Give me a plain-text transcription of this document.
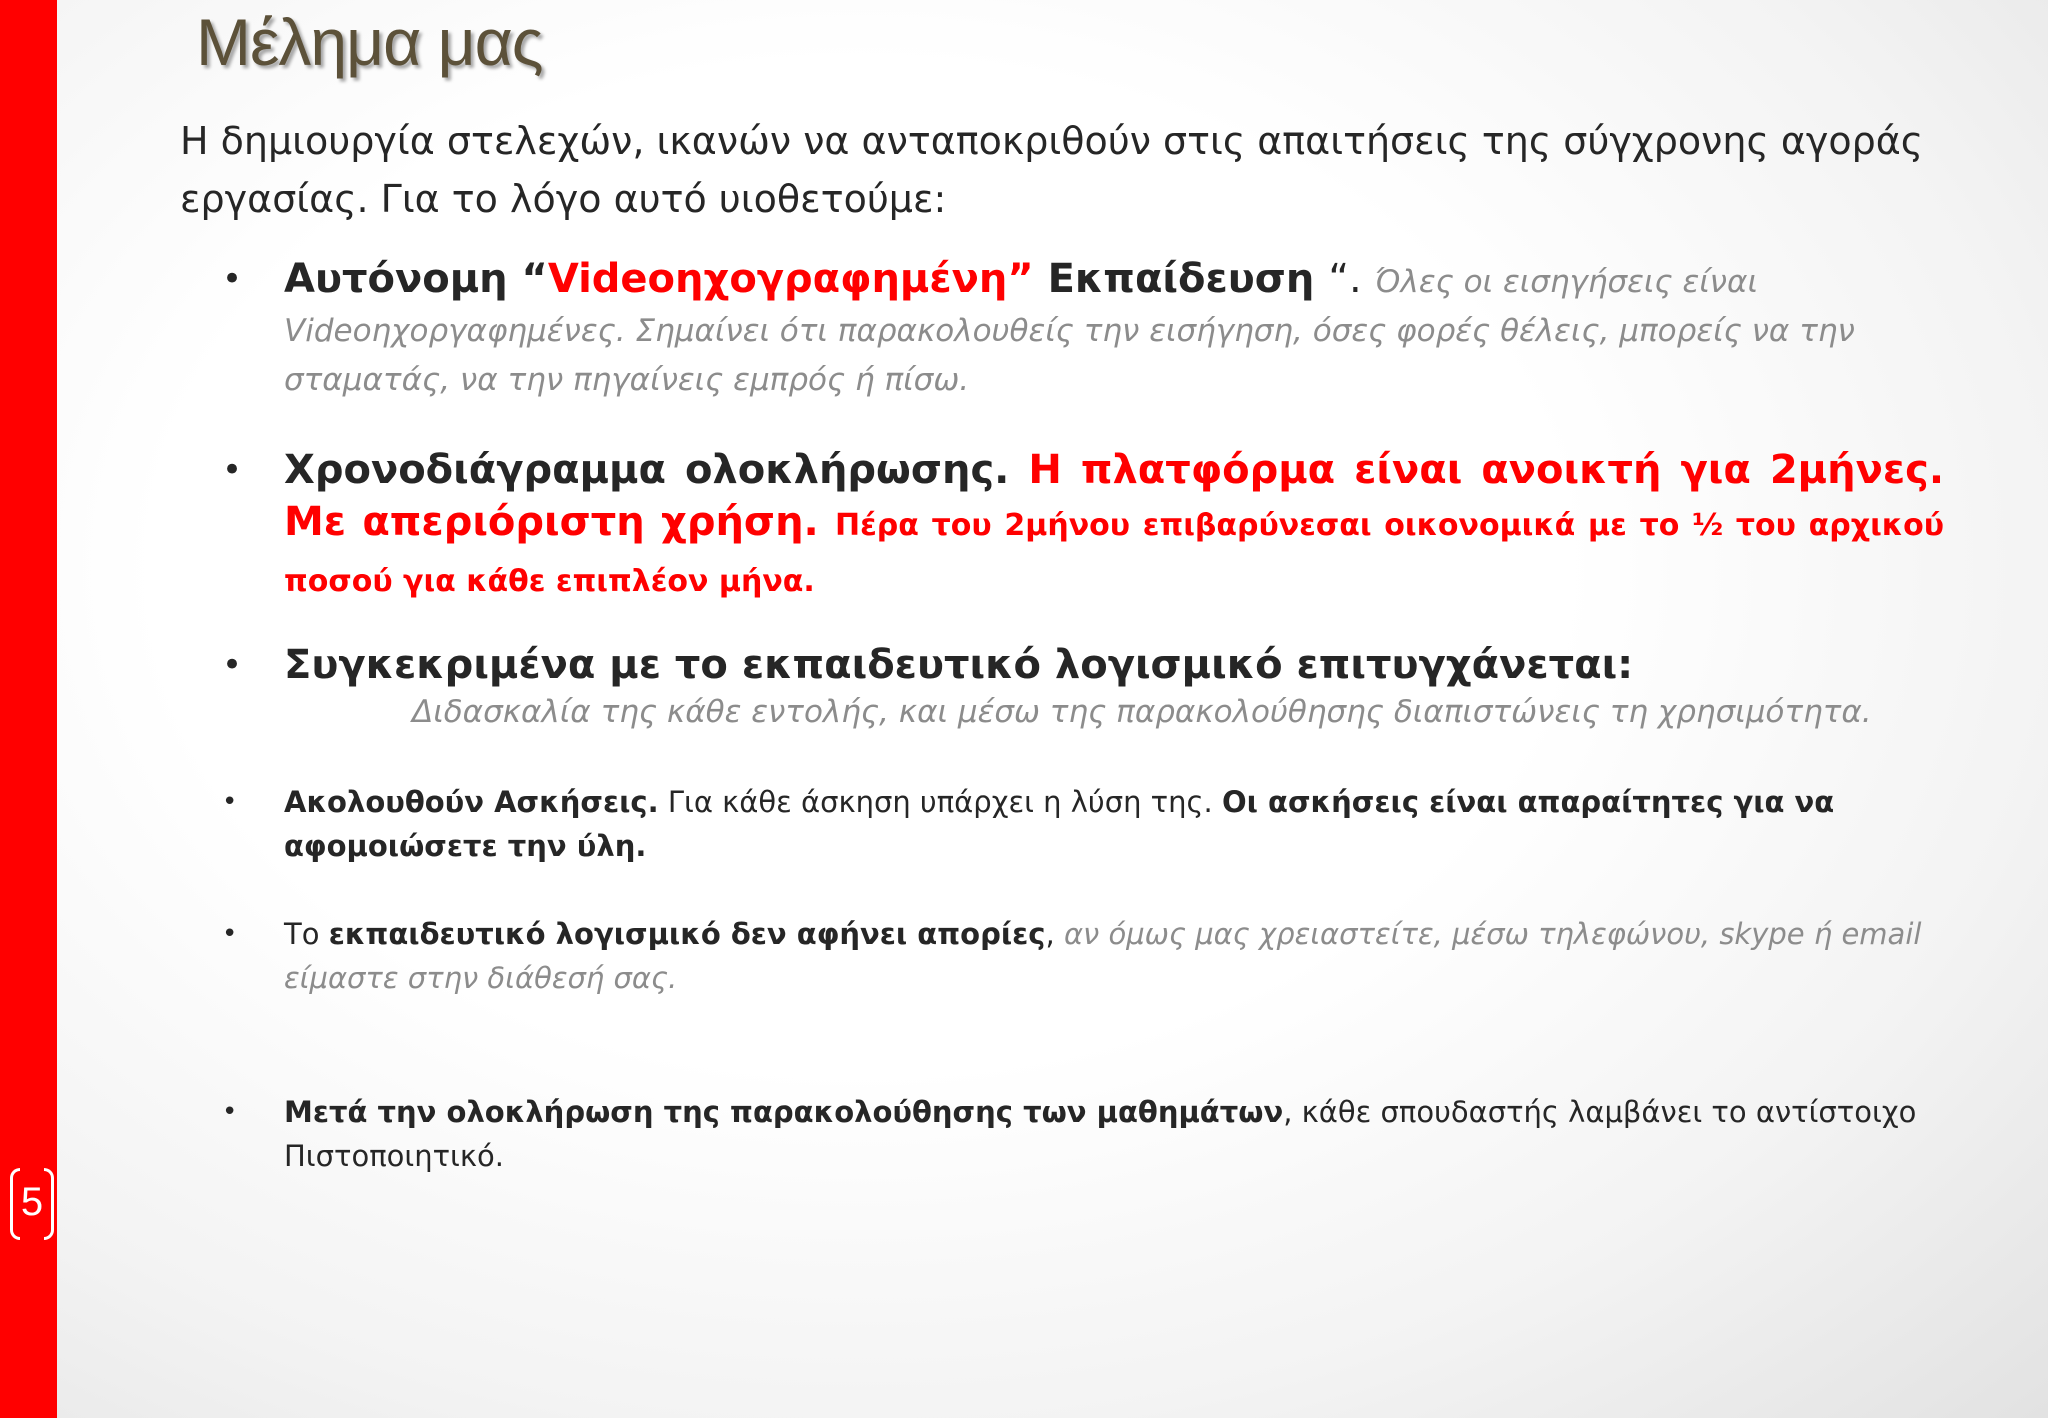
5
Μέλημα μας

Η δημιουργία στελεχών, ικανών να ανταποκριθούν στις απαιτήσεις της σύγχρονης αγοράς εργασίας. Για το λόγο αυτό υιοθετούμε:

• Αυτόνομη “Videoηχογραφημένη” Εκπαίδευση “. Όλες οι εισηγήσεις είναι Videoηχοργαφημένες. Σημαίνει ότι παρακολουθείς την εισήγηση, όσες φορές θέλεις, μπορείς να την σταματάς, να την πηγαίνεις εμπρός ή πίσω.
• Χρονοδιάγραμμα ολοκλήρωσης. Η πλατφόρμα είναι ανοικτή για 2μήνες. Με απεριόριστη χρήση. Πέρα του 2μήνου επιβαρύνεσαι οικονομικά με το ½ του αρχικού ποσού για κάθε επιπλέον μήνα.
• Συγκεκριμένα με το εκπαιδευτικό λογισμικό επιτυγχάνεται:
Διδασκαλία της κάθε εντολής, και μέσω της παρακολούθησης διαπιστώνεις τη χρησιμότητα.
• Ακολουθούν Ασκήσεις. Για κάθε άσκηση υπάρχει η λύση της. Οι ασκήσεις είναι απαραίτητες για να αφομοιώσετε την ύλη.
• Το εκπαιδευτικό λογισμικό δεν αφήνει απορίες, αν όμως μας χρειαστείτε, μέσω τηλεφώνου, skype ή email είμαστε στην διάθεσή σας.
• Μετά την ολοκλήρωση της παρακολούθησης των μαθημάτων, κάθε σπουδαστής λαμβάνει το αντίστοιχο Πιστοποιητικό.
